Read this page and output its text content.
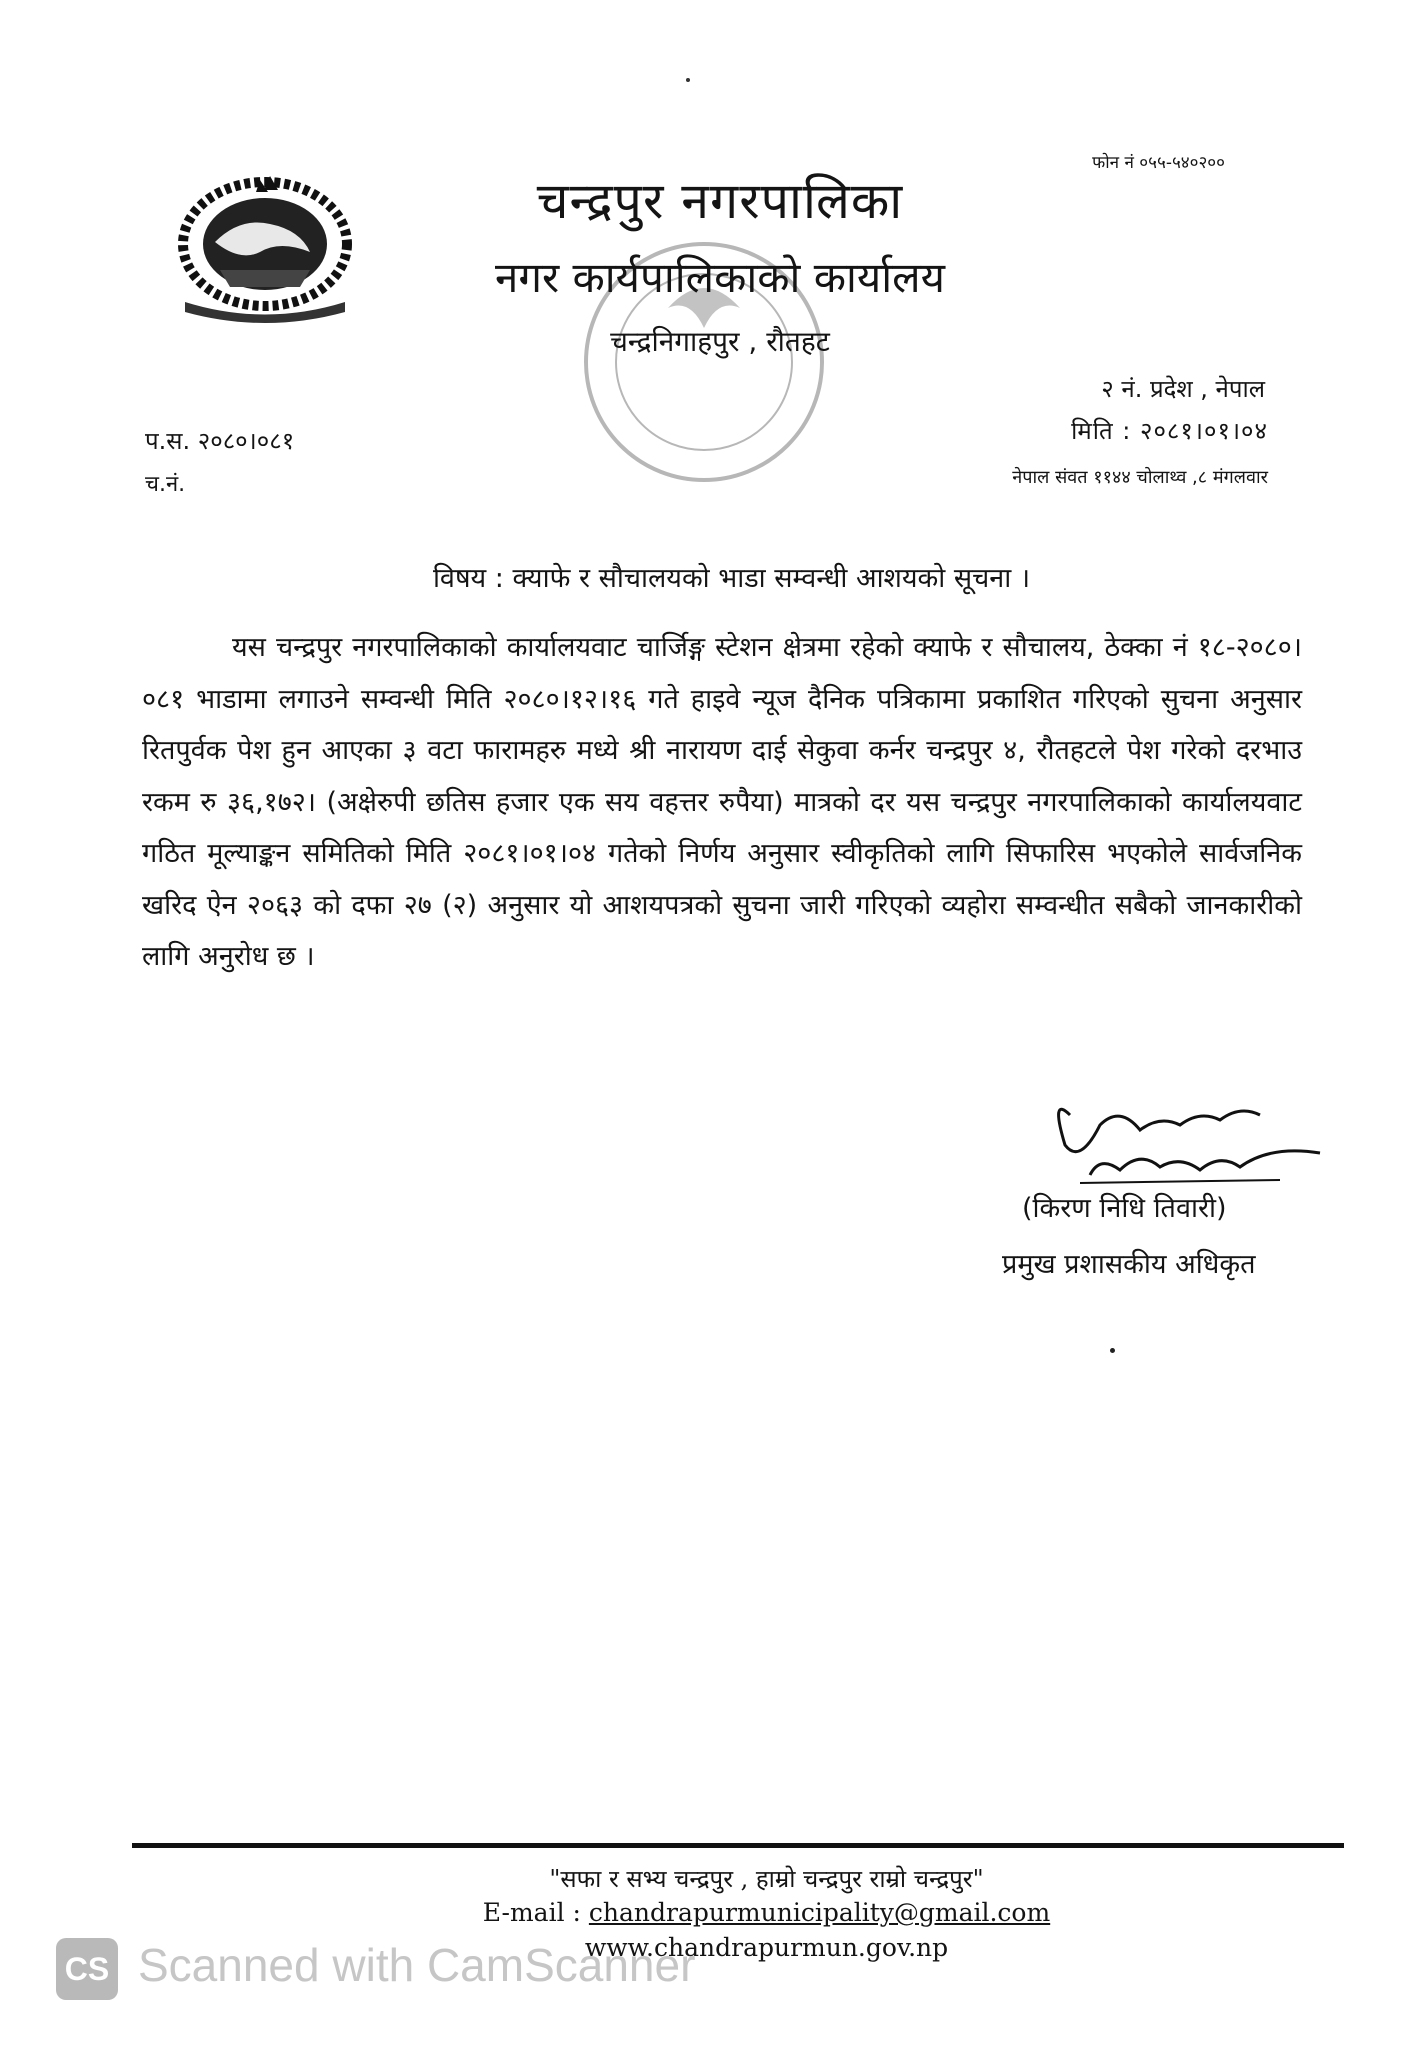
चन्द्रपुर नगरपालिका
नगर कार्यपालिकाको कार्यालय
चन्द्रनिगाहपुर , रौतहट
फोन नं ०५५-५४०२००
२ नं. प्रदेश , नेपाल
मिति : २०८१।०१।०४
नेपाल संवत ११४४ चोलाथ्व ,८ मंगलवार
प.स. २०८०।०८१
च.नं.
विषय : क्याफे र सौचालयको भाडा सम्वन्धी आशयको सूचना ।
यस चन्द्रपुर नगरपालिकाको कार्यालयवाट चार्जिङ्ग स्टेशन क्षेत्रमा रहेको क्याफे र सौचालय, ठेक्का नं १८-२०८०।०८१ भाडामा लगाउने सम्वन्धी मिति २०८०।१२।१६ गते हाइवे न्यूज दैनिक पत्रिकामा प्रकाशित गरिएको सुचना अनुसार रितपुर्वक पेश हुन आएका ३ वटा फारामहरु मध्ये श्री नारायण दाई सेकुवा कर्नर चन्द्रपुर ४, रौतहटले पेश गरेको दरभाउ रकम रु ३६,१७२। (अक्षेरुपी छतिस हजार एक सय वहत्तर रुपैया) मात्रको दर यस चन्द्रपुर नगरपालिकाको कार्यालयवाट गठित मूल्याङ्कन समितिको मिति २०८१।०१।०४ गतेको निर्णय अनुसार स्वीकृतिको लागि सिफारिस भएकोले सार्वजनिक खरिद ऐन २०६३ को दफा २७ (२) अनुसार यो आशयपत्रको सुचना जारी गरिएको व्यहोरा सम्वन्धीत सबैको जानकारीको लागि अनुरोध छ ।
(किरण निधि तिवारी)
प्रमुख प्रशासकीय अधिकृत
"सफा र सभ्य चन्द्रपुर , हाम्रो चन्द्रपुर राम्रो चन्द्रपुर"
E-mail : chandrapurmunicipality@gmail.com
www.chandrapurmun.gov.np
CS Scanned with CamScanner
